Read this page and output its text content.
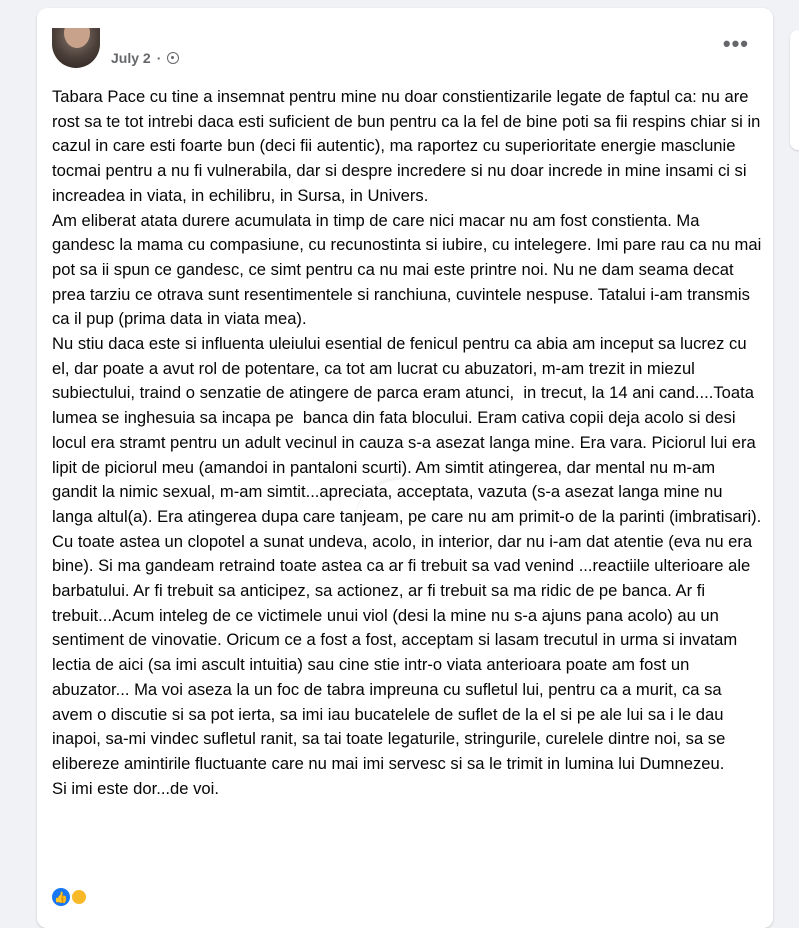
July 2 ·
•••
Tabara Pace cu tine a insemnat pentru mine nu doar constientizarile legate de faptul ca: nu are rost sa te tot intrebi daca esti suficient de bun pentru ca la fel de bine poti sa fii respins chiar si in cazul in care esti foarte bun (deci fii autentic), ma raportez cu superioritate energie masclunie tocmai pentru a nu fi vulnerabila, dar si despre incredere si nu doar increde in mine insami ci si increadea in viata, in echilibru, in Sursa, in Univers.
Am eliberat atata durere acumulata in timp de care nici macar nu am fost constienta. Ma gandesc la mama cu compasiune, cu recunostinta si iubire, cu intelegere. Imi pare rau ca nu mai pot sa ii spun ce gandesc, ce simt pentru ca nu mai este printre noi. Nu ne dam seama decat prea tarziu ce otrava sunt resentimentele si ranchiuna, cuvintele nespuse. Tatalui i-am transmis ca il pup (prima data in viata mea).
Nu stiu daca este si influenta uleiului esential de fenicul pentru ca abia am inceput sa lucrez cu el, dar poate a avut rol de potentare, ca tot am lucrat cu abuzatori, m-am trezit in miezul subiectului, traind o senzatie de atingere de parca eram atunci,  in trecut, la 14 ani cand....Toata lumea se inghesuia sa incapa pe  banca din fata blocului. Eram cativa copii deja acolo si desi locul era stramt pentru un adult vecinul in cauza s-a asezat langa mine. Era vara. Piciorul lui era lipit de piciorul meu (amandoi in pantaloni scurti). Am simtit atingerea, dar mental nu m-am gandit la nimic sexual, m-am simtit...apreciata, acceptata, vazuta (s-a asezat langa mine nu langa altul(a). Era atingerea dupa care tanjeam, pe care nu am primit-o de la parinti (imbratisari). Cu toate astea un clopotel a sunat undeva, acolo, in interior, dar nu i-am dat atentie (eva nu era bine). Si ma gandeam retraind toate astea ca ar fi trebuit sa vad venind ...reactiile ulterioare ale barbatului. Ar fi trebuit sa anticipez, sa actionez, ar fi trebuit sa ma ridic de pe banca. Ar fi trebuit...Acum inteleg de ce victimele unui viol (desi la mine nu s-a ajuns pana acolo) au un sentiment de vinovatie. Oricum ce a fost a fost, acceptam si lasam trecutul in urma si invatam lectia de aici (sa imi ascult intuitia) sau cine stie intr-o viata anterioara poate am fost un abuzator... Ma voi aseza la un foc de tabra impreuna cu sufletul lui, pentru ca a murit, ca sa avem o discutie si sa pot ierta, sa imi iau bucatelele de suflet de la el si pe ale lui sa i le dau inapoi, sa-mi vindec sufletul ranit, sa tai toate legaturile, stringurile, curelele dintre noi, sa se elibereze amintirile fluctuante care nu mai imi servesc si sa le trimit in lumina lui Dumnezeu.
Si imi este dor...de voi.
👍
